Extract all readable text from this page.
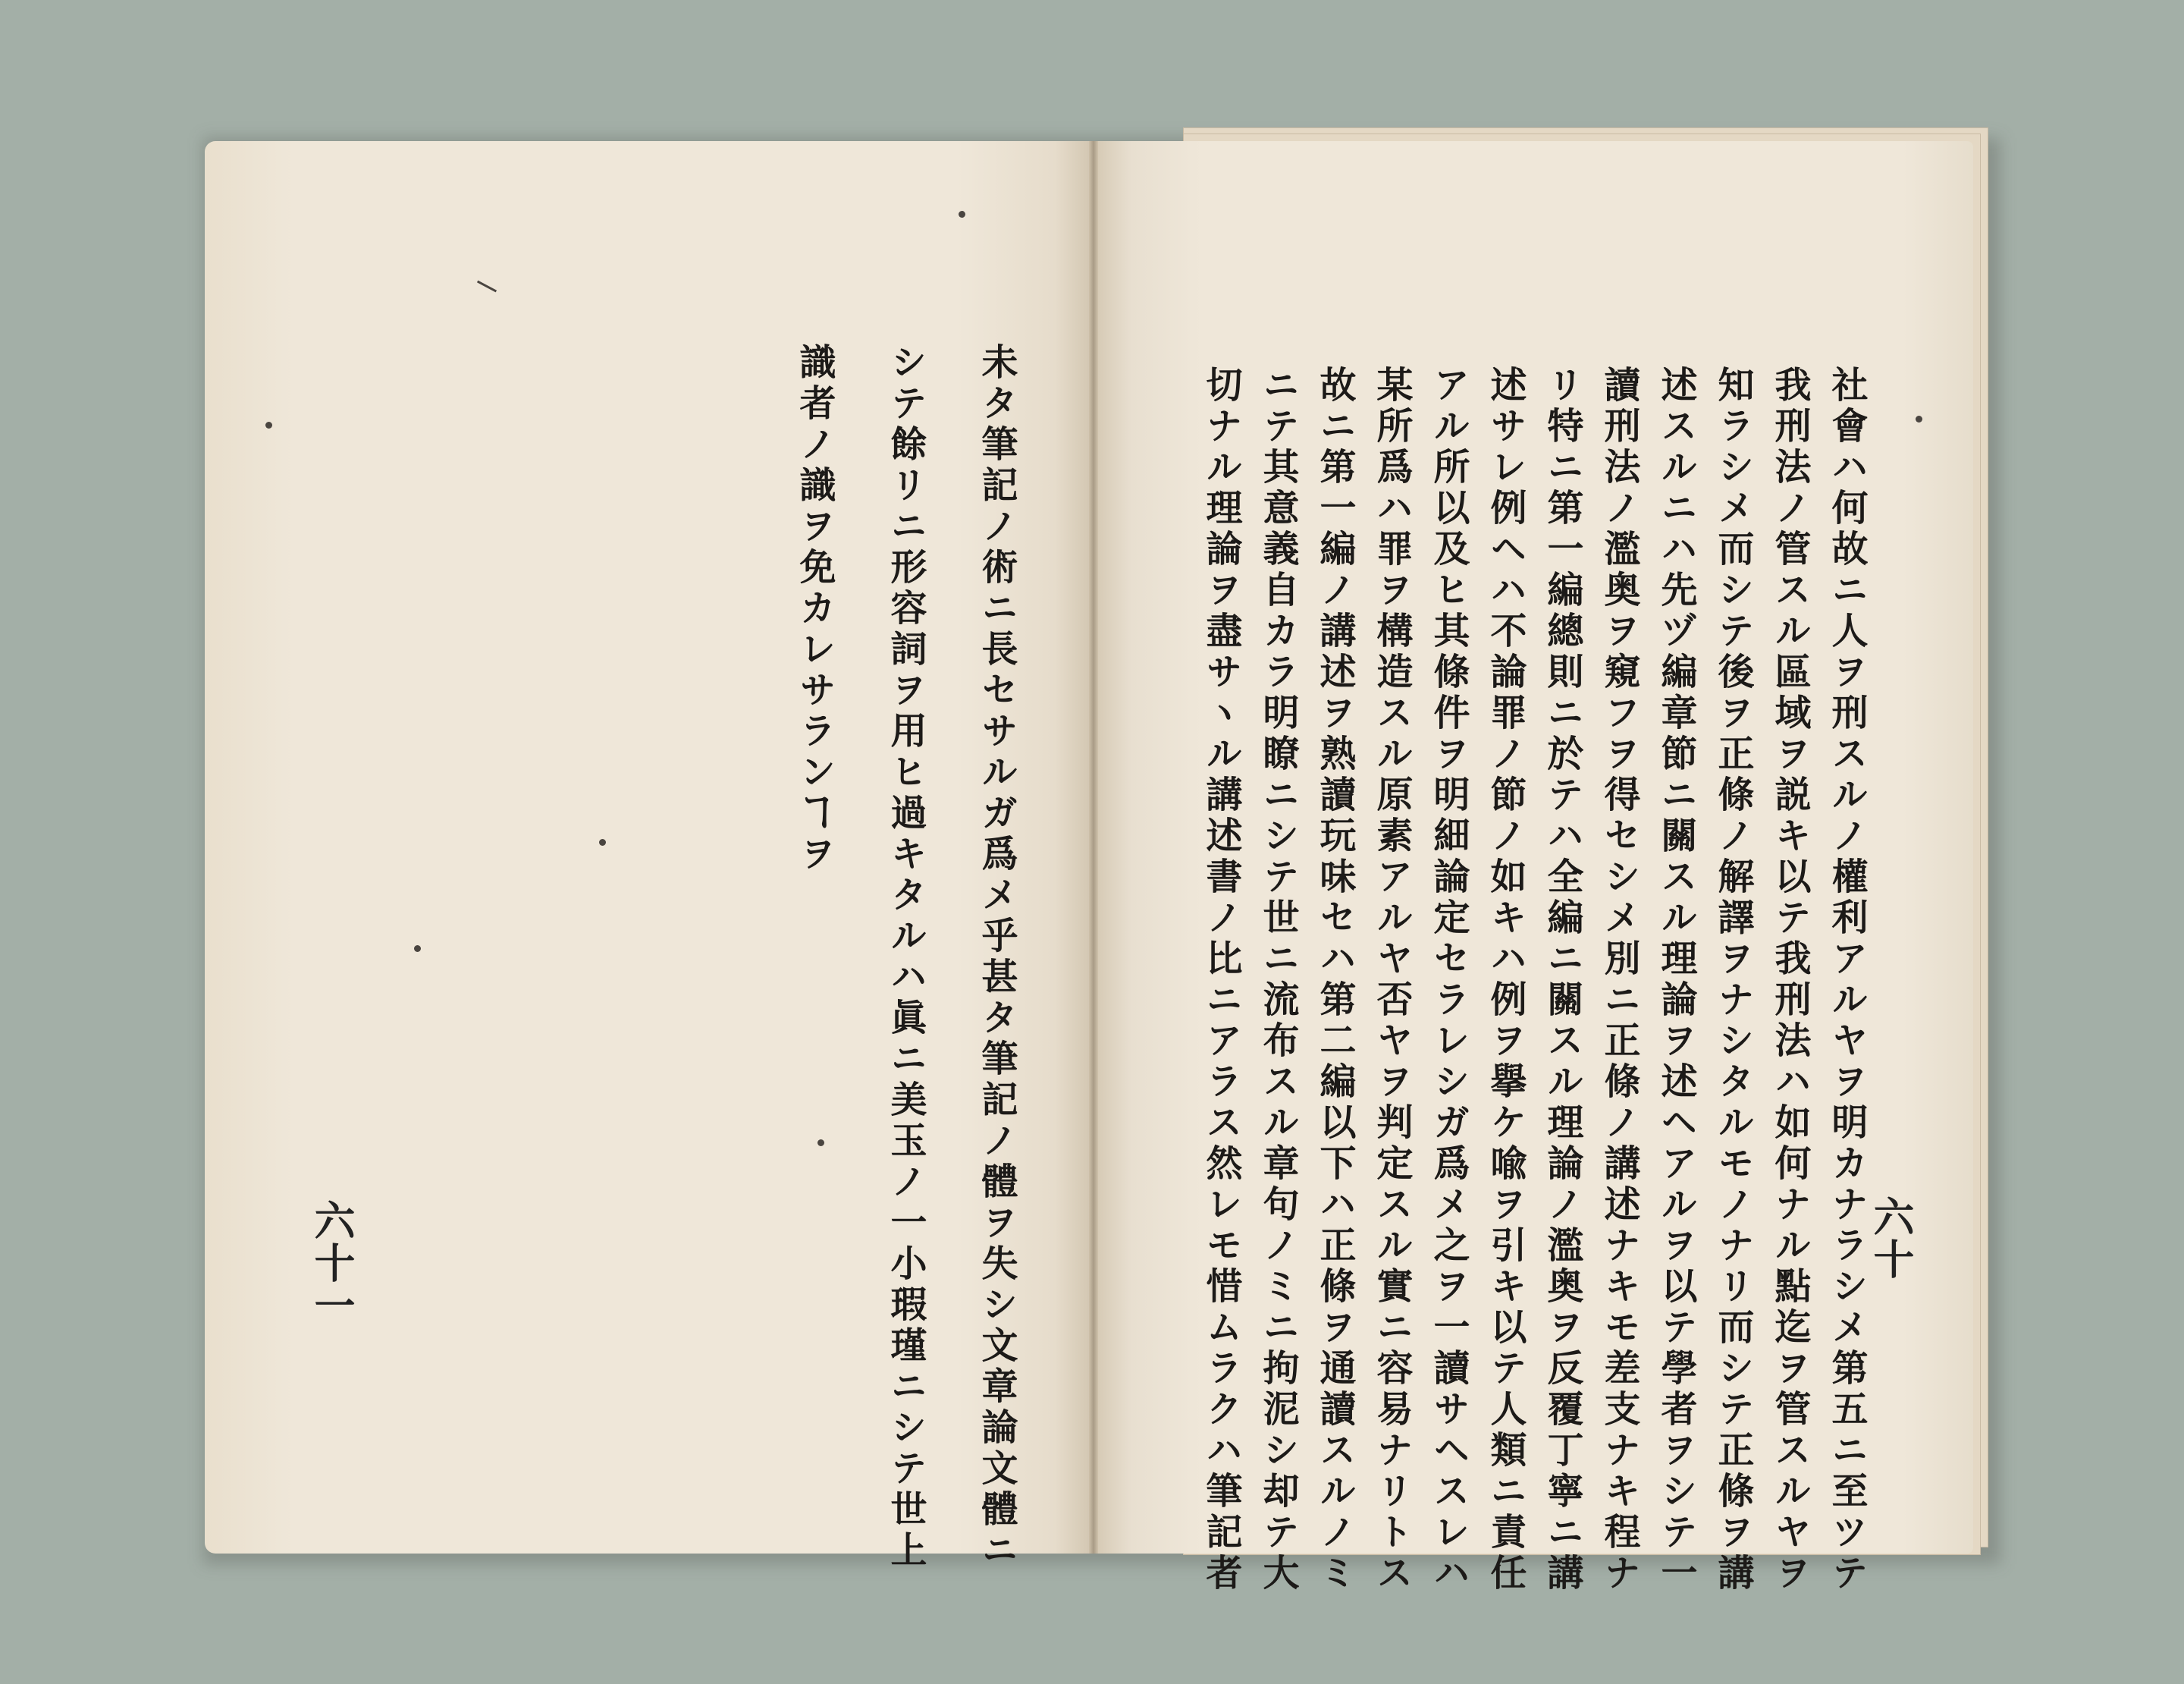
六十一	未タ筆記ノ術ニ長セサルガ爲メ乎甚タ筆記ノ體ヲ失シ文章論文體ニ
シテ餘リニ形容詞ヲ用ヒ過キタルハ眞ニ美玉ノ一小瑕瑾ニシテ世上
識者ノ識ヲ免カレサランヿヲ
六十
社會ハ何故ニ人ヲ刑スルノ權利アルヤヲ明カナラシメ第五ニ至ツテ
我刑法ノ管スル區域ヲ説キ以テ我刑法ハ如何ナル點迄ヲ管スルヤヲ
知ラシメ而シテ後ヲ正條ノ解譯ヲナシタルモノナリ而シテ正條ヲ講
述スルニハ先ヅ編章節ニ關スル理論ヲ述ヘアルヲ以テ學者ヲシテ一
讀刑法ノ濫奥ヲ窺フヲ得セシメ別ニ正條ノ講述ナキモ差支ナキ程ナ
リ特ニ第一編總則ニ於テハ全編ニ關スル理論ノ濫奥ヲ反覆丁寧ニ講
述サレ例ヘハ不論罪ノ節ノ如キハ例ヲ擧ケ喩ヲ引キ以テ人類ニ責任
アル所以及ヒ其條件ヲ明細論定セラレシガ爲メ之ヲ一讀サヘスレハ
某所爲ハ罪ヲ構造スル原素アルヤ否ヤヲ判定スル實ニ容易ナリトス
故ニ第一編ノ講述ヲ熟讀玩味セハ第二編以下ハ正條ヲ通讀スルノミ
ニテ其意義自カラ明瞭ニシテ世ニ流布スル章句ノミニ拘泥シ却テ大
切ナル理論ヲ盡サヽル講述書ノ比ニアラス然レモ惜ムラクハ筆記者
